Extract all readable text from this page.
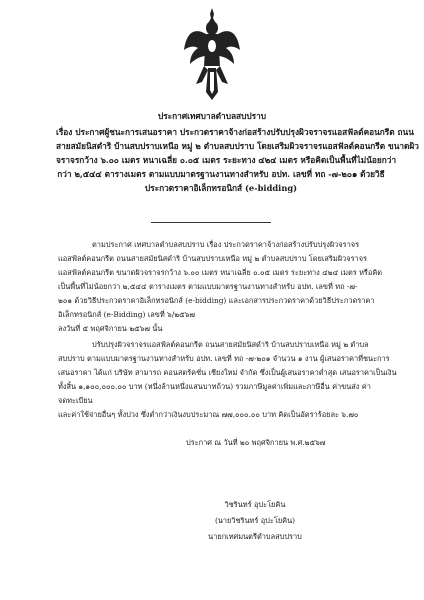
ประกาศเทศบาลตำบลสบปราบ
เรื่อง ประกาศผู้ชนะการเสนอราคา ประกวดราคาจ้างก่อสร้างปรับปรุงผิวจราจรแอสฟัลต์คอนกรีต ถนน
สายสมัยนิสดำริ บ้านสบปราบเหนือ หมู่ ๒ ตำบลสบปราบ โดยเสริมผิวจราจรแอสฟัลต์คอนกรีต ขนาดผิว
จราจรกว้าง ๖.๐๐ เมตร หนาเฉลี่ย ๐.๐๕ เมตร ระยะทาง ๔๒๔ เมตร หรือคิดเป็นพื้นที่ไม่น้อยกว่า
กว่า ๒,๕๔๔ ตารางเมตร ตามแบบมาตรฐานงานทางสำหรับ อปท. เลขที่ ทถ -๗-๒๐๑ ด้วยวิธี
ประกวดราคาอิเล็กทรอนิกส์ (e-bidding)
ตามประกาศ เทศบาลตำบลสบปราบ เรื่อง ประกวดราคาจ้างก่อสร้างปรับปรุงผิวจราจร
แอสฟัลต์คอนกรีต ถนนสายสมัยนิสดำริ บ้านสบปราบเหนือ หมู่ ๒ ตำบลสบปราบ โดยเสริมผิวจราจร
แอสฟัลต์คอนกรีต ขนาดผิวจราจรกว้าง ๖.๐๐ เมตร หนาเฉลี่ย ๐.๐๕ เมตร ระยะทาง ๔๒๔ เมตร หรือคิด
เป็นพื้นที่ไม่น้อยกว่า ๒,๕๔๔ ตารางเมตร ตามแบบมาตรฐานงานทางสำหรับ อปท. เลขที่ ทถ -๗-
๒๐๑ ด้วยวิธีประกวดราคาอิเล็กทรอนิกส์ (e-bidding) และเอกสารประกวดราคาด้วยวิธีประกวดราคา
อิเล็กทรอนิกส์ (e-Bidding) เลขที่ ๖/๒๕๖๗
ลงวันที่ ๕ พฤศจิกายน ๒๕๖๗ นั้น
ปรับปรุงผิวจราจรแอสฟัลต์คอนกรีต ถนนสายสมัยนิสดำริ บ้านสบปราบเหนือ หมู่ ๒ ตำบล
สบปราบ ตามแบบมาตรฐานงานทางสำหรับ อปท. เลขที่ ทถ -๗-๒๐๑ จำนวน ๑ งาน ผู้เสนอราคาที่ชนะการ
เสนอราคา ได้แก่ บริษัท สามารถ คอนสตรัคชั่น เชียงใหม่ จำกัด ซึ่งเป็นผู้เสนอราคาต่ำสุด เสนอราคาเป็นเงิน
ทั้งสิ้น ๑,๑๐๐,๐๐๐.๐๐ บาท (หนึ่งล้านหนึ่งแสนบาทถ้วน) รวมภาษีมูลค่าเพิ่มและภาษีอื่น ค่าขนส่ง ค่า
จดทะเบียน
และค่าใช้จ่ายอื่นๆ ทั้งปวง ซึ่งต่ำกว่าเงินงบประมาณ ๗๗,๐๐๐.๐๐ บาท คิดเป็นอัตราร้อยละ ๖.๗๐
ประกาศ ณ วันที่ ๒๐ พฤศจิกายน พ.ศ.๒๕๖๗
วิชรินทร์ อุปะโยคิน
(นายวิชรินทร์ อุปะโยคิน)
นายกเทศมนตรีตำบลสบปราบ
